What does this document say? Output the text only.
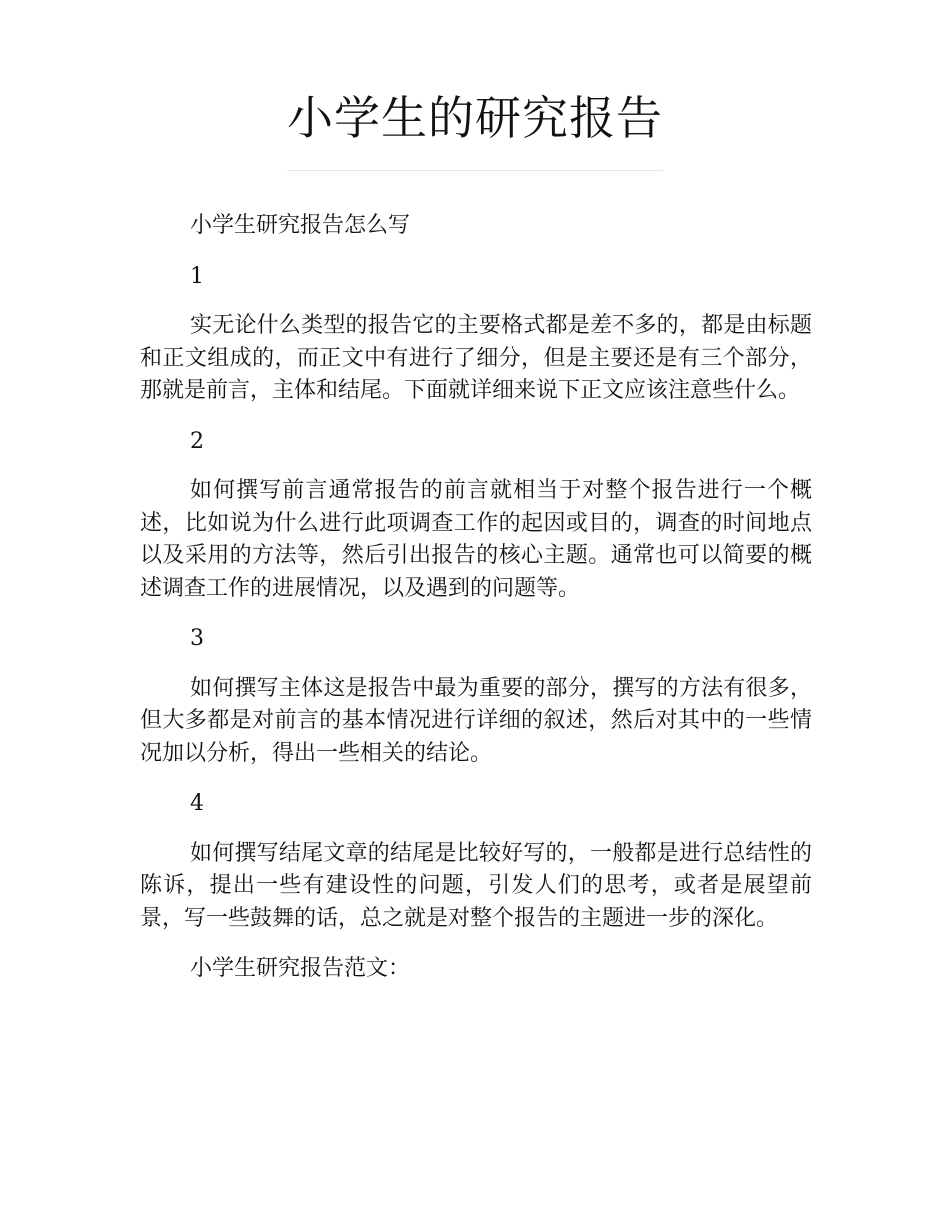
小学生的研究报告

小学生研究报告怎么写

1

实无论什么类型的报告它的主要格式都是差不多的，都是由标题和正文组成的，而正文中有进行了细分，但是主要还是有三个部分，那就是前言，主体和结尾。下面就详细来说下正文应该注意些什么。

2

如何撰写前言通常报告的前言就相当于对整个报告进行一个概述，比如说为什么进行此项调查工作的起因或目的，调查的时间地点以及采用的方法等，然后引出报告的核心主题。通常也可以简要的概述调查工作的进展情况，以及遇到的问题等。

3

如何撰写主体这是报告中最为重要的部分，撰写的方法有很多，但大多都是对前言的基本情况进行详细的叙述，然后对其中的一些情况加以分析，得出一些相关的结论。

4

如何撰写结尾文章的结尾是比较好写的，一般都是进行总结性的陈诉，提出一些有建设性的问题，引发人们的思考，或者是展望前景，写一些鼓舞的话，总之就是对整个报告的主题进一步的深化。

小学生研究报告范文：
